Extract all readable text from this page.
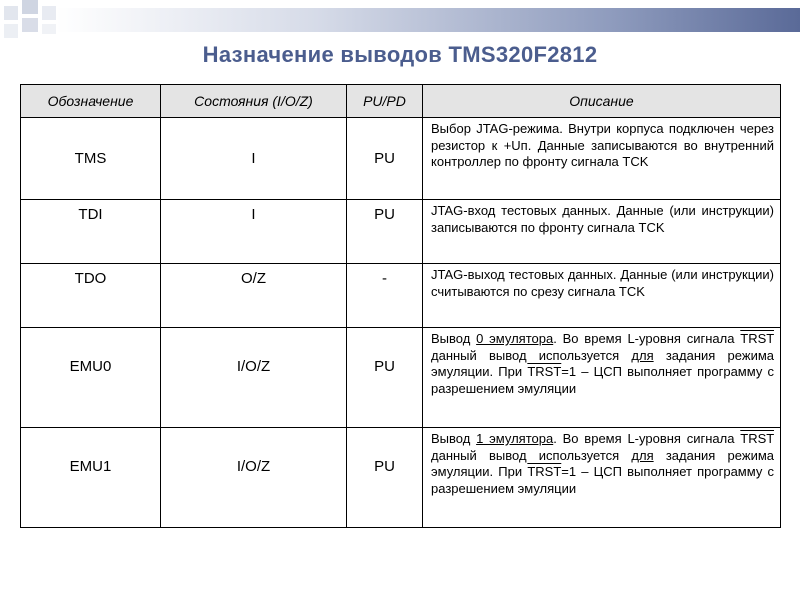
Назначение выводов TMS320F2812
Обозначение	Состояния (I/O/Z)	PU/PD	Описание
TMS	I	PU	Выбор JTAG-режима. Внутри корпуса подключен через резистор к +Uп. Данные записываются во внутренний контроллер по фронту сигнала TCK
TDI	I	PU	JTAG-вход тестовых данных. Данные (или инструкции) записываются по фронту сигнала TCK
TDO	O/Z	-	JTAG-выход тестовых данных. Данные (или инструкции) считываются по срезу сигнала TCK
EMU0	I/O/Z	PU	Вывод 0 эмулятора. Во время L-уровня сигнала TRST данный вывод используется для задания режима эмуляции. При TRST=1 – ЦСП выполняет программу с разрешением эмуляции
EMU1	I/O/Z	PU	Вывод 1 эмулятора. Во время L-уровня сигнала TRST данный вывод используется для задания режима эмуляции. При TRST=1 – ЦСП выполняет программу с разрешением эмуляции
